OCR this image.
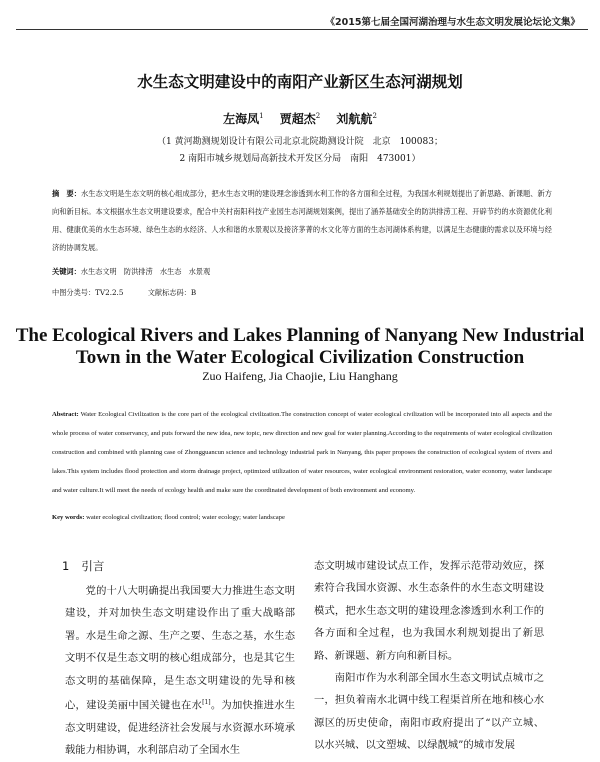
《2015第七届全国河湖治理与水生态文明发展论坛论文集》
水生态文明建设中的南阳产业新区生态河湖规划
左海凤$^1$ 贾超杰$^2$ 刘航航$^2$
（1 黄河勘测规划设计有限公司北京北院勘测设计院　北京　100083；
2 南阳市城乡规划局高新技术开发区分局　南阳　473001）
摘　要：水生态文明是生态文明的核心组成部分，把水生态文明的建设理念渗透到水利工作的各方面和全过程，为我国水利规划提出了新思路、新课题、新方向和新目标。本文根据水生态文明建设要求，配合中关村南阳科技产业园生态河湖规划案例，提出了涵养基础安全的防洪排涝工程、开辟节约的水资源优化利用、健康优美的水生态环境、绿色生态的水经济、人水和谐的水景观以及接济茅菁的水文化等方面的生态河湖体系构建，以满足生态健康的需求以及环境与经济的协调发展。
关键词：水生态文明　防洪排涝　水生态　水景观
中图分类号：TV2.2.5	文献标志码：B
The Ecological Rivers and Lakes Planning of Nanyang New Industrial Town in the Water Ecological Civilization Construction
Zuo Haifeng, Jia Chaojie, Liu Hanghang
Abstract: Water Ecological Civilization is the core part of the ecological civilization.The construction concept of water ecological civilization will be incorporated into all aspects and the whole process of water conservancy, and puts forward the new idea, new topic, new direction and new goal for water planning.According to the requirements of water ecological civilization construction and combined with planning case of Zhongguancun science and technology industrial park in Nanyang, this paper proposes the construction of ecological system of rivers and lakes.This system includes flood protection and storm drainage project, optimized utilization of water resources, water ecological environment restoration, water economy, water landscape and water culture.It will meet the needs of ecology health and make sure the coordinated development of both environment and economy.
Key words: water ecological civilization; flood control; water ecology; water landscape
1 引言

党的十八大明确提出我国要大力推进生态文明建设，并对加快生态文明建设作出了重大战略部署。水是生命之源、生产之要、生态之基，水生态文明不仅是生态文明的核心组成部分，也是其它生态文明的基础保障，是生态文明建设的先导和核心，建设美丽中国关键也在水[1]。为加快推进水生态文明建设，促进经济社会发展与水资源水环境承载能力相协调，水利部启动了全国水生

态文明城市建设试点工作，发挥示范带动效应，探索符合我国水资源、水生态条件的水生态文明建设模式，把水生态文明的建设理念渗透到水利工作的各方面和全过程，也为我国水利规划提出了新思路、新课题、新方向和新目标。

南阳市作为水利部全国水生态文明试点城市之一，担负着南水北调中线工程渠首所在地和核心水源区的历史使命，南阳市政府提出了“以产立城、以水兴城、以文塑城、以绿靓城”的城市发展
